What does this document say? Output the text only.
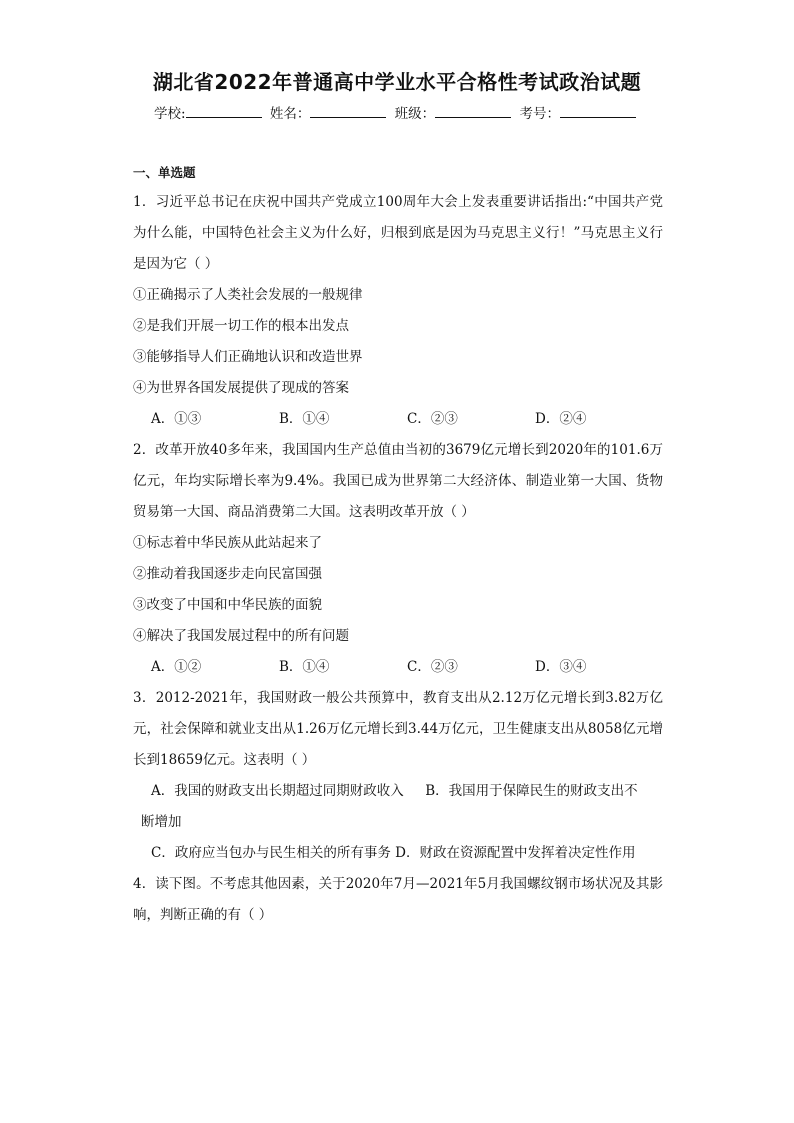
湖北省2022年普通高中学业水平合格性考试政治试题
学校:	姓名：	班级：	考号：
一、单选题

1．习近平总书记在庆祝中国共产党成立100周年大会上发表重要讲话指出:“中国共产党为什么能，中国特色社会主义为什么好，归根到底是因为马克思主义行！”马克思主义行是因为它（ ）

①正确揭示了人类社会发展的一般规律

②是我们开展一切工作的根本出发点

③能够指导人们正确地认识和改造世界

④为世界各国发展提供了现成的答案

A．①③	B．①④	C．②③	D．②④

2．改革开放40多年来，我国国内生产总值由当初的3679亿元增长到2020年的101.6万亿元，年均实际增长率为9.4%。我国已成为世界第二大经济体、制造业第一大国、货物贸易第一大国、商品消费第二大国。这表明改革开放（ ）

①标志着中华民族从此站起来了

②推动着我国逐步走向民富国强

③改变了中国和中华民族的面貌

④解决了我国发展过程中的所有问题

A．①②	B．①④	C．②③	D．③④

3．2012-2021年，我国财政一般公共预算中，教育支出从2.12万亿元增长到3.82万亿元，社会保障和就业支出从1.26万亿元增长到3.44万亿元，卫生健康支出从8058亿元增长到18659亿元。这表明（ ）

A．我国的财政支出长期超过同期财政收入 B．我国用于保障民生的财政支出不
断增加
C．政府应当包办与民生相关的所有事务 D．财政在资源配置中发挥着决定性作用

4．读下图。不考虑其他因素，关于2020年7月—2021年5月我国螺纹钢市场状况及其影响，判断正确的有（ ）
